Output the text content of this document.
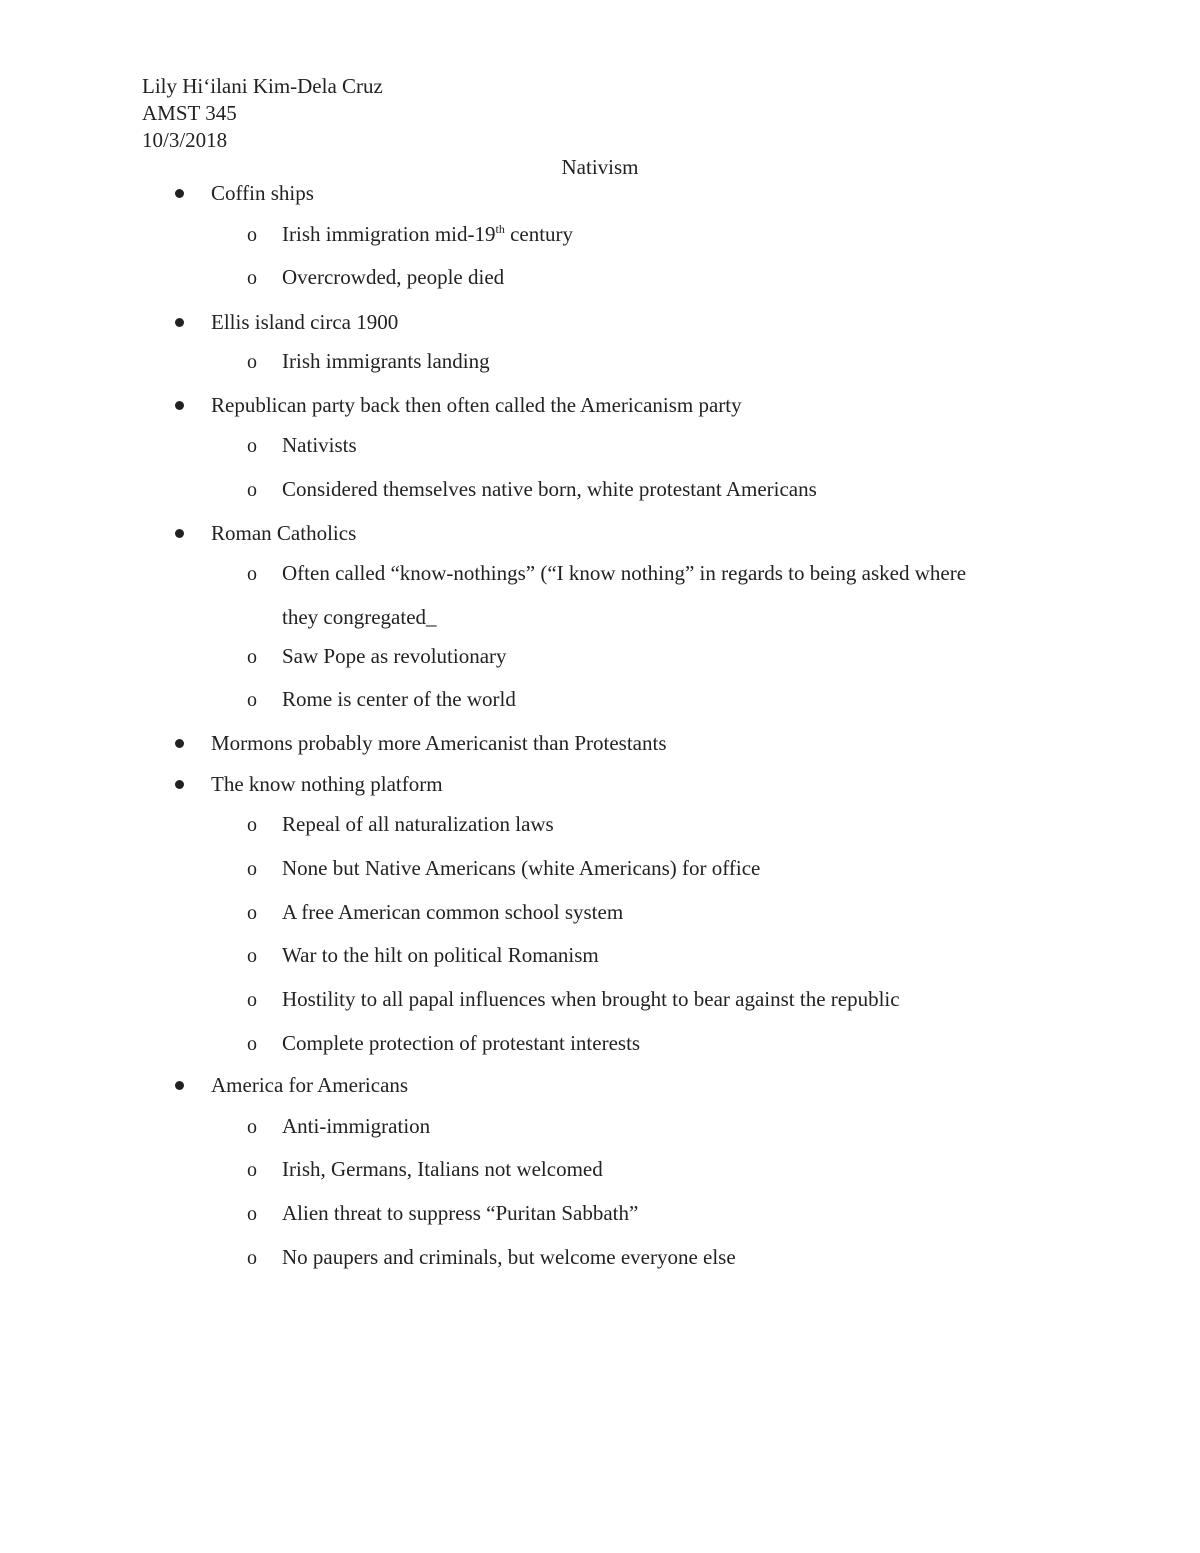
Lily Hiʻilani Kim-Dela Cruz
AMST 345
10/3/2018
Nativism
Coffin ships
o Irish immigration mid-19th century
o Overcrowded, people died
Ellis island circa 1900
o Irish immigrants landing
Republican party back then often called the Americanism party
o Nativists
o Considered themselves native born, white protestant Americans
Roman Catholics
o Often called “know-nothings” (“I know nothing” in regards to being asked where
they congregated_
o Saw Pope as revolutionary
o Rome is center of the world
Mormons probably more Americanist than Protestants
The know nothing platform
o Repeal of all naturalization laws
o None but Native Americans (white Americans) for office
o A free American common school system
o War to the hilt on political Romanism
o Hostility to all papal influences when brought to bear against the republic
o Complete protection of protestant interests
America for Americans
o Anti-immigration
o Irish, Germans, Italians not welcomed
o Alien threat to suppress “Puritan Sabbath”
o No paupers and criminals, but welcome everyone else
